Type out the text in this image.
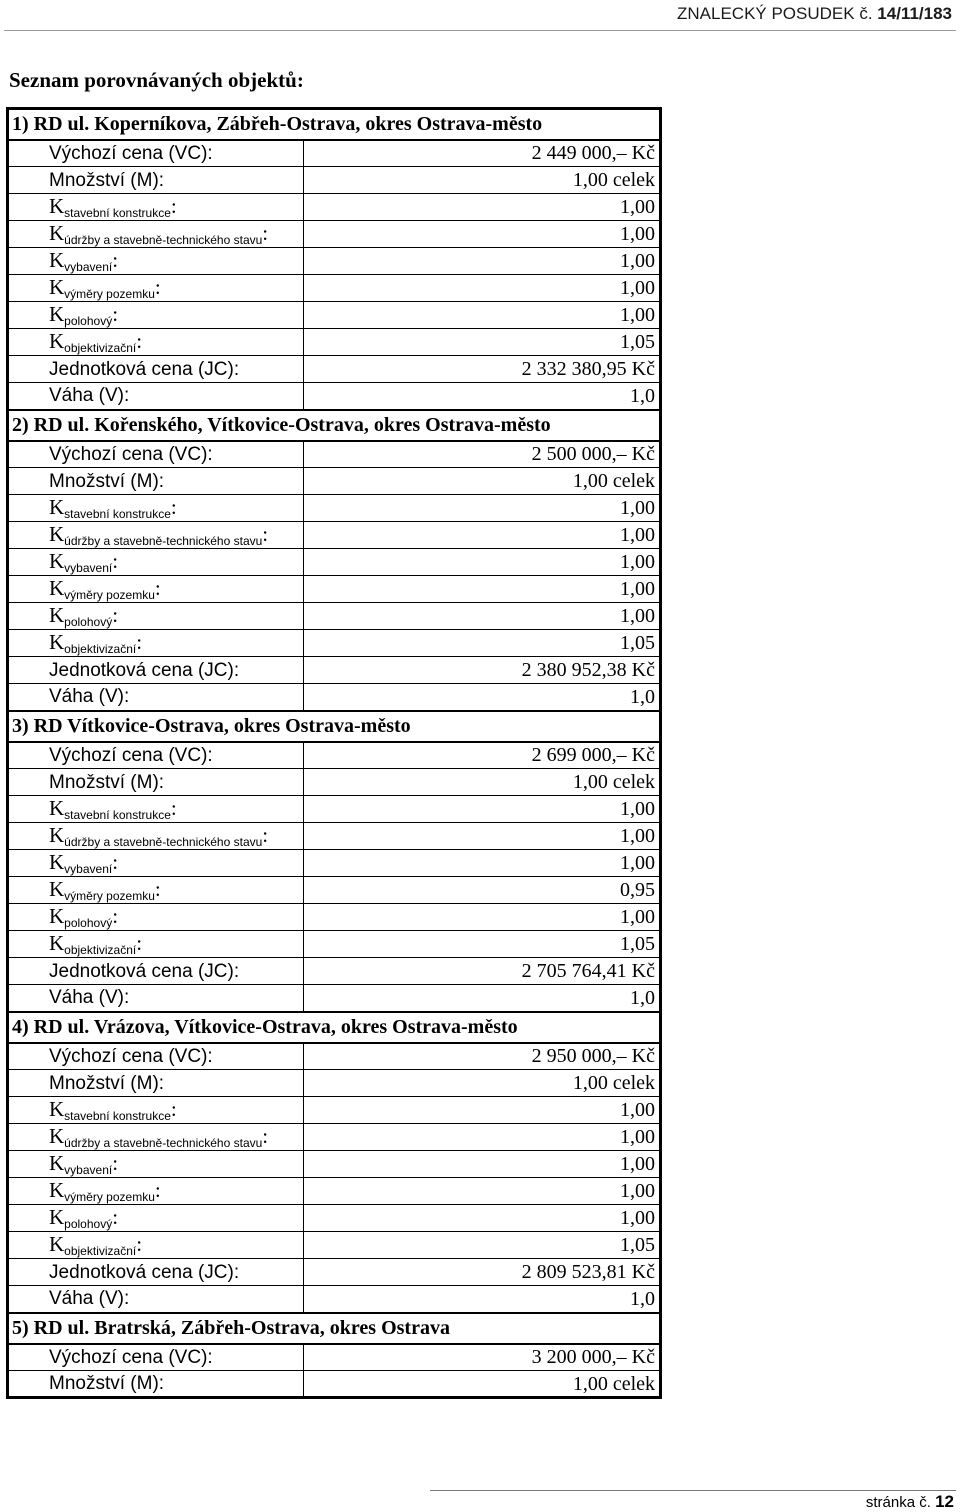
ZNALECKÝ POSUDEK č. 14/11/183
Seznam porovnávaných objektů:
1) RD ul. Koperníkova, Zábřeh-Ostrava, okres Ostrava-město	
Výchozí cena (VC):	2 449 000,– Kč
Množství (M):	1,00 celek
$K_{stavební konstrukce}$:	1,00
$K_{údržby a stavebně-technického stavu}$:	1,00
$K_{vybavení}$:	1,00
$K_{výměry pozemku}$:	1,00
$K_{polohový}$:	1,00
$K_{objektivizační}$:	1,05
Jednotková cena (JC):	2 332 380,95 Kč
Váha (V):	1,0
2) RD ul. Kořenského, Vítkovice-Ostrava, okres Ostrava-město	
Výchozí cena (VC):	2 500 000,– Kč
Množství (M):	1,00 celek
$K_{stavební konstrukce}$:	1,00
$K_{údržby a stavebně-technického stavu}$:	1,00
$K_{vybavení}$:	1,00
$K_{výměry pozemku}$:	1,00
$K_{polohový}$:	1,00
$K_{objektivizační}$:	1,05
Jednotková cena (JC):	2 380 952,38 Kč
Váha (V):	1,0
3) RD Vítkovice-Ostrava, okres Ostrava-město	
Výchozí cena (VC):	2 699 000,– Kč
Množství (M):	1,00 celek
$K_{stavební konstrukce}$:	1,00
$K_{údržby a stavebně-technického stavu}$:	1,00
$K_{vybavení}$:	1,00
$K_{výměry pozemku}$:	0,95
$K_{polohový}$:	1,00
$K_{objektivizační}$:	1,05
Jednotková cena (JC):	2 705 764,41 Kč
Váha (V):	1,0
4) RD ul. Vrázova, Vítkovice-Ostrava, okres Ostrava-město	
Výchozí cena (VC):	2 950 000,– Kč
Množství (M):	1,00 celek
$K_{stavební konstrukce}$:	1,00
$K_{údržby a stavebně-technického stavu}$:	1,00
$K_{vybavení}$:	1,00
$K_{výměry pozemku}$:	1,00
$K_{polohový}$:	1,00
$K_{objektivizační}$:	1,05
Jednotková cena (JC):	2 809 523,81 Kč
Váha (V):	1,0
5) RD ul. Bratrská, Zábřeh-Ostrava, okres Ostrava	
Výchozí cena (VC):	3 200 000,– Kč
Množství (M):	1,00 celek
stránka č. 12
